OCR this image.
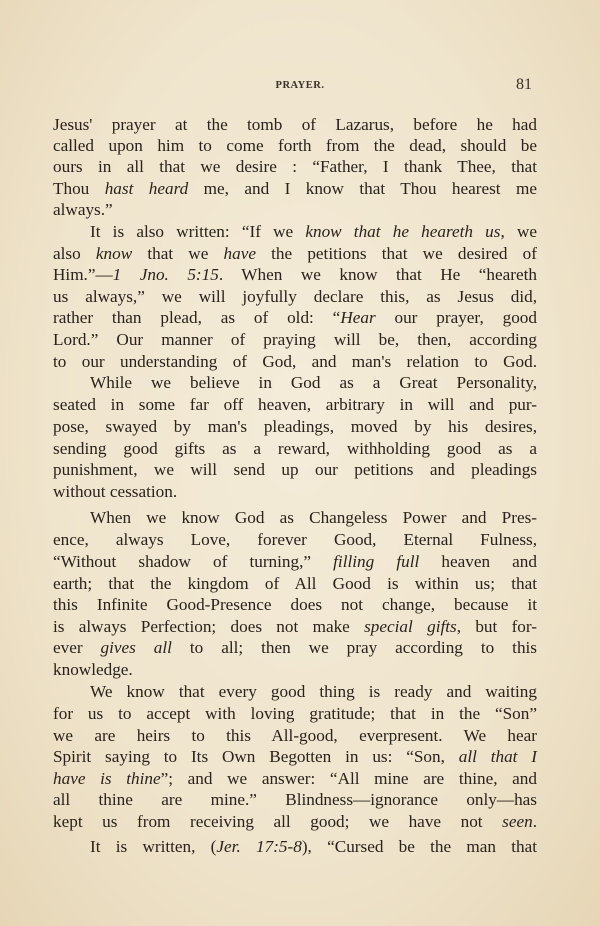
PRAYER.	81
Jesus' prayer at the tomb of Lazarus, before he had
called upon him to come forth from the dead, should be
ours in all that we desire : “Father, I thank Thee, that
Thou hast heard me, and I know that Thou hearest me
always.”
It is also written: “If we know that he heareth us, we
also know that we have the petitions that we desired of
Him.”—1 Jno. 5:15. When we know that He “heareth
us always,” we will joyfully declare this, as Jesus did,
rather than plead, as of old: “Hear our prayer, good
Lord.” Our manner of praying will be, then, according
to our understanding of God, and man's relation to God.
While we believe in God as a Great Personality,
seated in some far off heaven, arbitrary in will and pur-
pose, swayed by man's pleadings, moved by his desires,
sending good gifts as a reward, withholding good as a
punishment, we will send up our petitions and pleadings
without cessation.
When we know God as Changeless Power and Pres-
ence, always Love, forever Good, Eternal Fulness,
“Without shadow of turning,” filling full heaven and
earth; that the kingdom of All Good is within us; that
this Infinite Good-Presence does not change, because it
is always Perfection; does not make special gifts, but for-
ever gives all to all; then we pray according to this
knowledge.
We know that every good thing is ready and waiting
for us to accept with loving gratitude; that in the “Son”
we are heirs to this All-good, everpresent. We hear
Spirit saying to Its Own Begotten in us: “Son, all that I
have is thine”; and we answer: “All mine are thine, and
all thine are mine.” Blindness—ignorance only—has
kept us from receiving all good; we have not seen.
It is written, (Jer. 17:5-8), “Cursed be the man that
